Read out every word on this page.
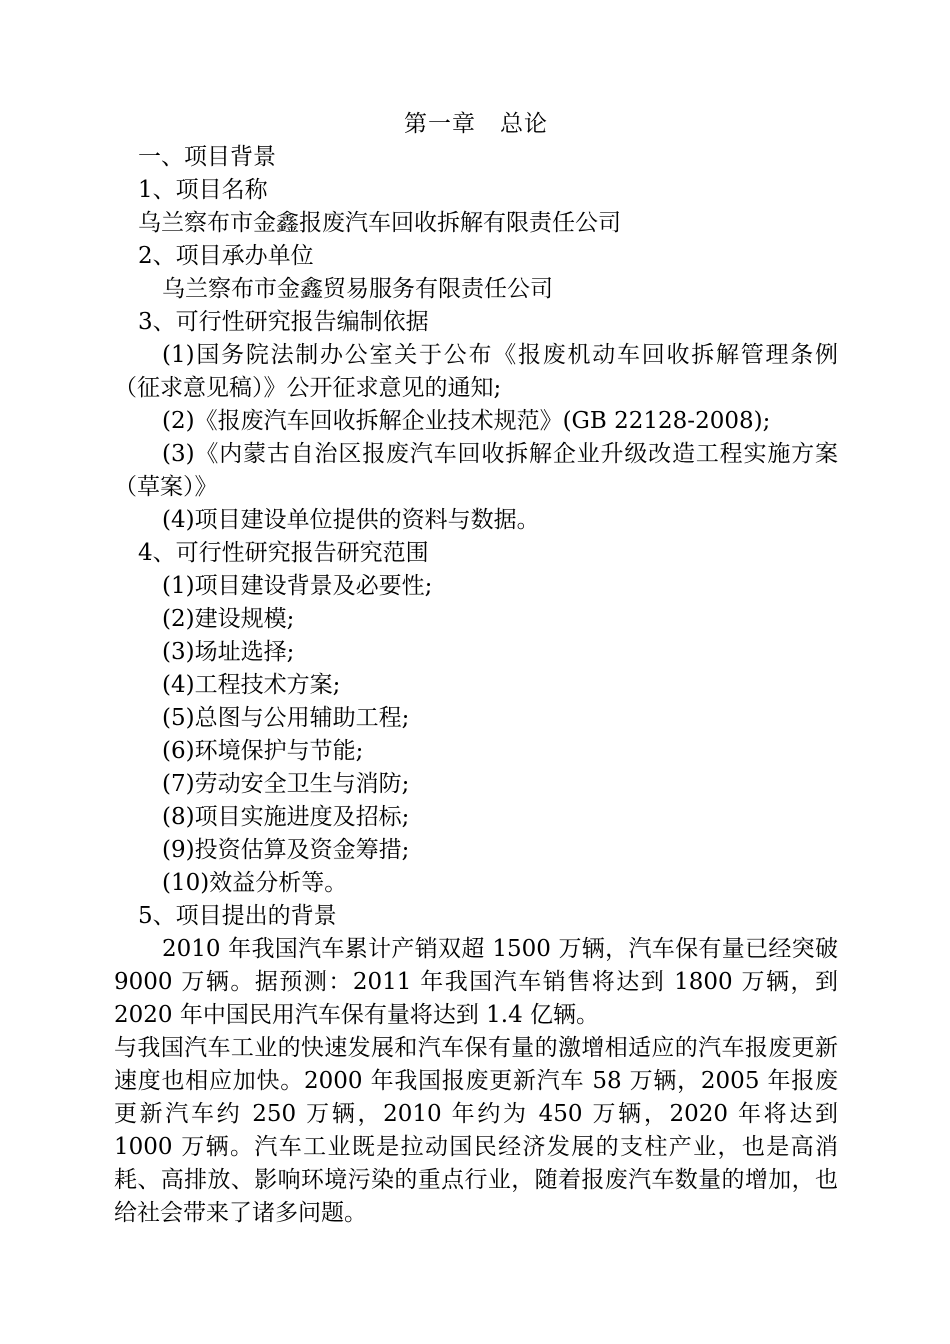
第一章　总论
一、项目背景
1、项目名称
乌兰察布市金鑫报废汽车回收拆解有限责任公司
2、项目承办单位
乌兰察布市金鑫贸易服务有限责任公司
3、可行性研究报告编制依据
(1)国务院法制办公室关于公布《报废机动车回收拆解管理条例（征求意见稿）》公开征求意见的通知;
(2)《报废汽车回收拆解企业技术规范》(GB 22128-2008);
(3)《内蒙古自治区报废汽车回收拆解企业升级改造工程实施方案（草案）》
(4)项目建设单位提供的资料与数据。
4、可行性研究报告研究范围
(1)项目建设背景及必要性;
(2)建设规模;
(3)场址选择;
(4)工程技术方案;
(5)总图与公用辅助工程;
(6)环境保护与节能;
(7)劳动安全卫生与消防;
(8)项目实施进度及招标;
(9)投资估算及资金筹措;
(10)效益分析等。
5、项目提出的背景
2010 年我国汽车累计产销双超 1500 万辆，汽车保有量已经突破 9000 万辆。据预测：2011 年我国汽车销售将达到 1800 万辆，到 2020 年中国民用汽车保有量将达到 1.4 亿辆。
与我国汽车工业的快速发展和汽车保有量的激增相适应的汽车报废更新速度也相应加快。2000 年我国报废更新汽车 58 万辆，2005 年报废更新汽车约 250 万辆，2010 年约为 450 万辆，2020 年将达到 1000 万辆。汽车工业既是拉动国民经济发展的支柱产业，也是高消耗、高排放、影响环境污染的重点行业，随着报废汽车数量的增加，也给社会带来了诸多问题。
